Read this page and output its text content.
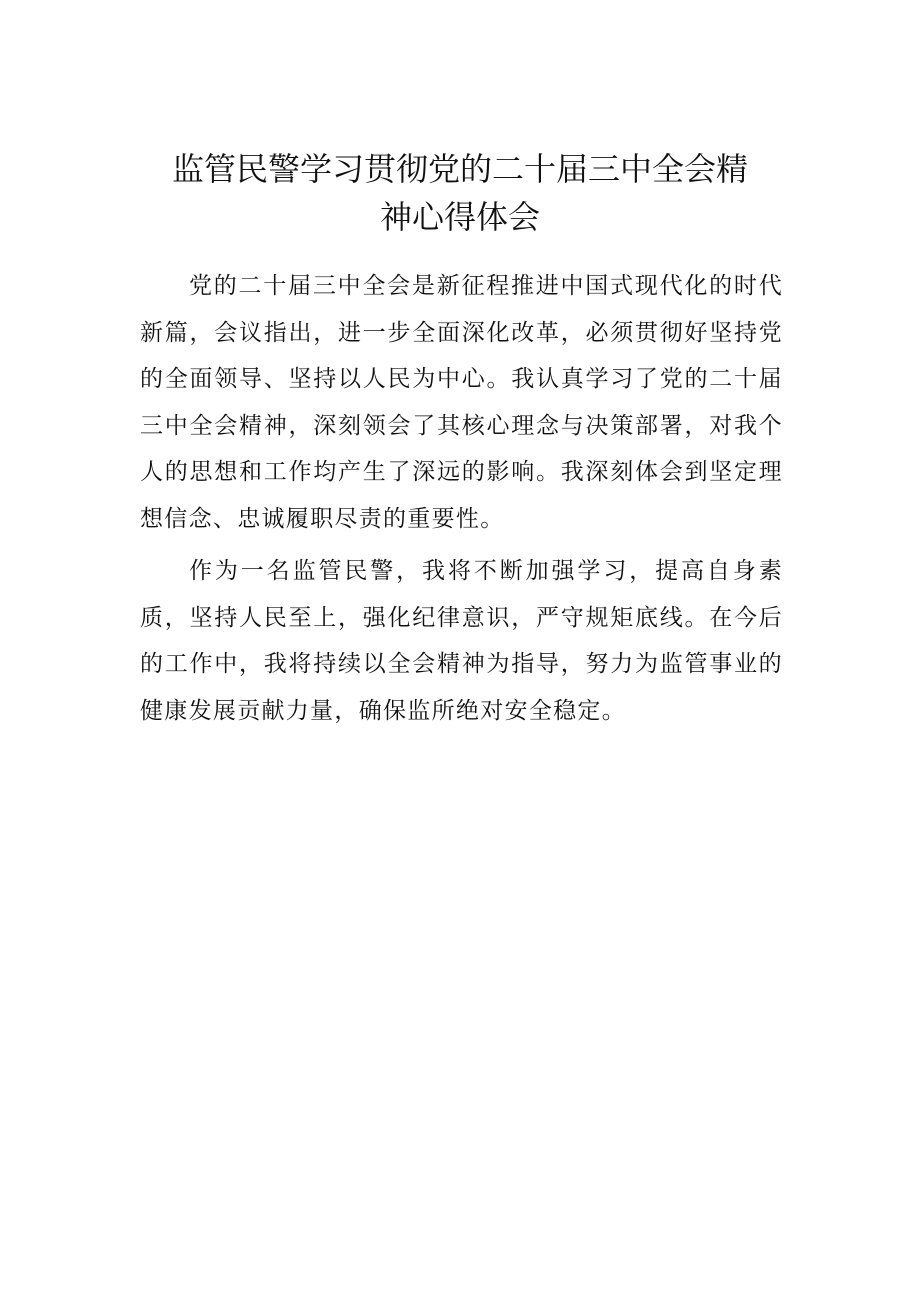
监管民警学习贯彻党的二十届三中全会精
神心得体会

党的二十届三中全会是新征程推进中国式现代化的时代新篇，会议指出，进一步全面深化改革，必须贯彻好坚持党的全面领导、坚持以人民为中心。我认真学习了党的二十届三中全会精神，深刻领会了其核心理念与决策部署，对我个人的思想和工作均产生了深远的影响。我深刻体会到坚定理想信念、忠诚履职尽责的重要性。

作为一名监管民警，我将不断加强学习，提高自身素质，坚持人民至上，强化纪律意识，严守规矩底线。在今后的工作中，我将持续以全会精神为指导，努力为监管事业的健康发展贡献力量，确保监所绝对安全稳定。
